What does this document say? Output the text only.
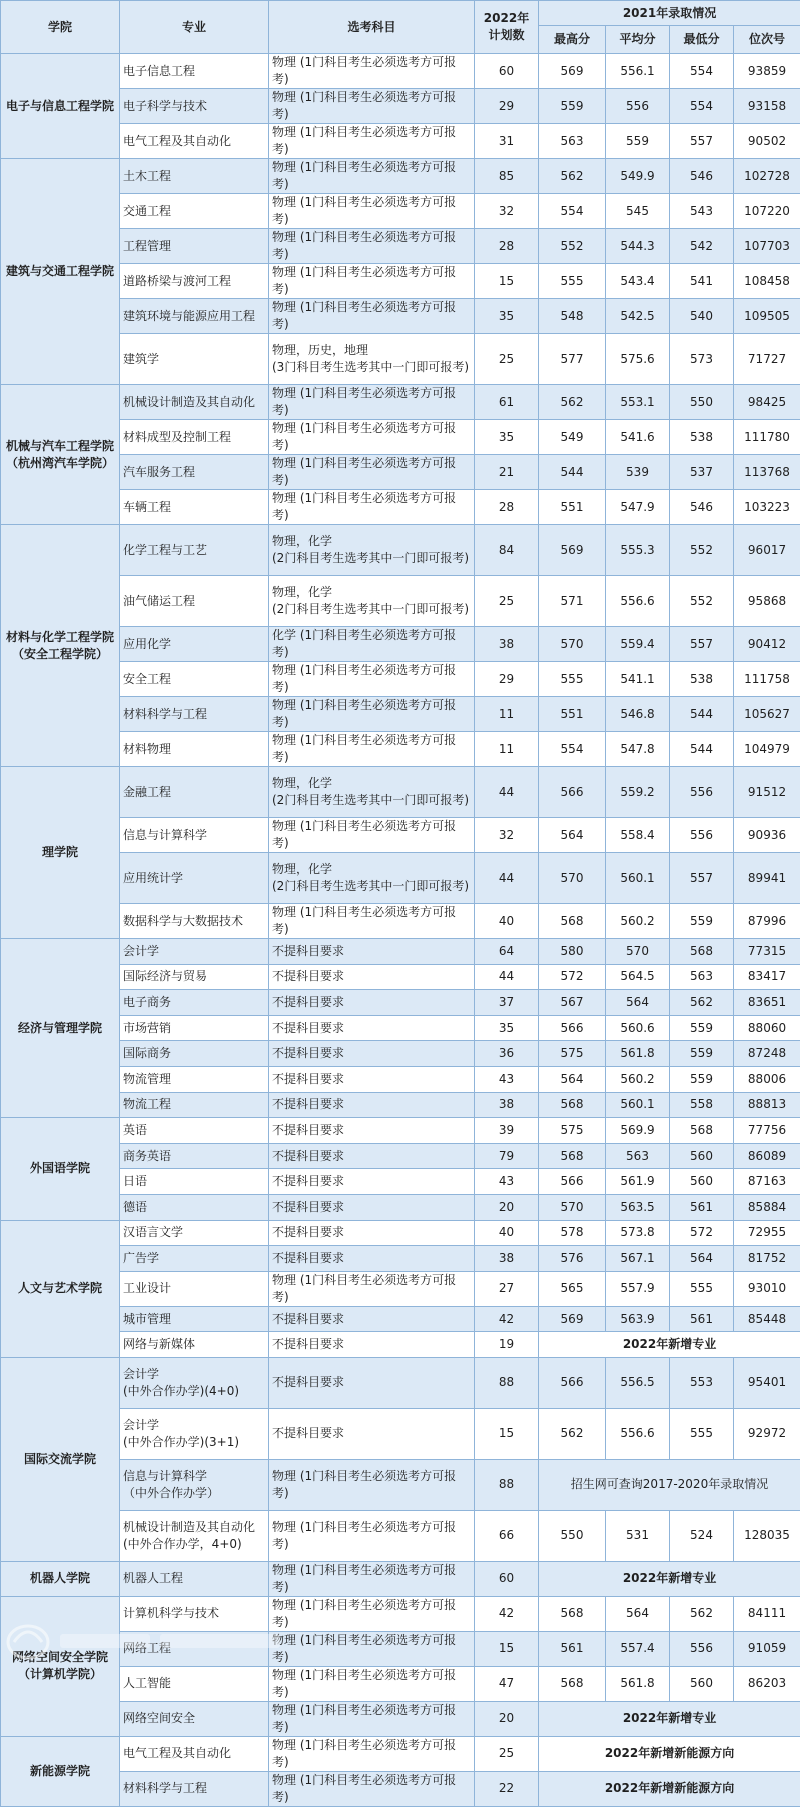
学院	专业	选考科目	2022年
计划数	2021年录取情况			
				最高分	平均分	最低分	位次号
电子与信息工程学院	电子信息工程	物理 (1门科目考生必须选考方可报考)	60	569	556.1	554	93859
	电子科学与技术	物理 (1门科目考生必须选考方可报考)	29	559	556	554	93158
	电气工程及其自动化	物理 (1门科目考生必须选考方可报考)	31	563	559	557	90502
建筑与交通工程学院	土木工程	物理 (1门科目考生必须选考方可报考)	85	562	549.9	546	102728
	交通工程	物理 (1门科目考生必须选考方可报考)	32	554	545	543	107220
	工程管理	物理 (1门科目考生必须选考方可报考)	28	552	544.3	542	107703
	道路桥梁与渡河工程	物理 (1门科目考生必须选考方可报考)	15	555	543.4	541	108458
	建筑环境与能源应用工程	物理 (1门科目考生必须选考方可报考)	35	548	542.5	540	109505
	建筑学	物理，历史，地理
(3门科目考生选考其中一门即可报考)	25	577	575.6	573	71727
机械与汽车工程学院 （杭州湾汽车学院）	机械设计制造及其自动化	物理 (1门科目考生必须选考方可报考)	61	562	553.1	550	98425
	材料成型及控制工程	物理 (1门科目考生必须选考方可报考)	35	549	541.6	538	111780
	汽车服务工程	物理 (1门科目考生必须选考方可报考)	21	544	539	537	113768
	车辆工程	物理 (1门科目考生必须选考方可报考)	28	551	547.9	546	103223
材料与化学工程学院 （安全工程学院）	化学工程与工艺	物理，化学
(2门科目考生选考其中一门即可报考)	84	569	555.3	552	96017
	油气储运工程	物理，化学
(2门科目考生选考其中一门即可报考)	25	571	556.6	552	95868
	应用化学	化学 (1门科目考生必须选考方可报考)	38	570	559.4	557	90412
	安全工程	物理 (1门科目考生必须选考方可报考)	29	555	541.1	538	111758
	材料科学与工程	物理 (1门科目考生必须选考方可报考)	11	551	546.8	544	105627
	材料物理	物理 (1门科目考生必须选考方可报考)	11	554	547.8	544	104979
理学院	金融工程	物理，化学
(2门科目考生选考其中一门即可报考)	44	566	559.2	556	91512
	信息与计算科学	物理 (1门科目考生必须选考方可报考)	32	564	558.4	556	90936
	应用统计学	物理，化学
(2门科目考生选考其中一门即可报考)	44	570	560.1	557	89941
	数据科学与大数据技术	物理 (1门科目考生必须选考方可报考)	40	568	560.2	559	87996
经济与管理学院	会计学	不提科目要求	64	580	570	568	77315
	国际经济与贸易	不提科目要求	44	572	564.5	563	83417
	电子商务	不提科目要求	37	567	564	562	83651
	市场营销	不提科目要求	35	566	560.6	559	88060
	国际商务	不提科目要求	36	575	561.8	559	87248
	物流管理	不提科目要求	43	564	560.2	559	88006
	物流工程	不提科目要求	38	568	560.1	558	88813
外国语学院	英语	不提科目要求	39	575	569.9	568	77756
	商务英语	不提科目要求	79	568	563	560	86089
	日语	不提科目要求	43	566	561.9	560	87163
	德语	不提科目要求	20	570	563.5	561	85884
人文与艺术学院	汉语言文学	不提科目要求	40	578	573.8	572	72955
	广告学	不提科目要求	38	576	567.1	564	81752
	工业设计	物理 (1门科目考生必须选考方可报考)	27	565	557.9	555	93010
	城市管理	不提科目要求	42	569	563.9	561	85448
	网络与新媒体	不提科目要求	19	2022年新增专业			
国际交流学院	会计学
(中外合作办学)(4+0)	不提科目要求	88	566	556.5	553	95401
	会计学
(中外合作办学)(3+1)	不提科目要求	15	562	556.6	555	92972
	信息与计算科学
（中外合作办学）	物理 (1门科目考生必须选考方可报考)	88	招生网可查询2017-2020年录取情况			
	机械设计制造及其自动化
(中外合作办学，4+0)	物理 (1门科目考生必须选考方可报考)	66	550	531	524	128035
机器人学院	机器人工程	物理 (1门科目考生必须选考方可报考)	60	2022年新增专业			
网络空间安全学院 （计算机学院）	计算机科学与技术	物理 (1门科目考生必须选考方可报考)	42	568	564	562	84111
	网络工程	物理 (1门科目考生必须选考方可报考)	15	561	557.4	556	91059
	人工智能	物理 (1门科目考生必须选考方可报考)	47	568	561.8	560	86203
	网络空间安全	物理 (1门科目考生必须选考方可报考)	20	2022年新增专业			
新能源学院	电气工程及其自动化	物理 (1门科目考生必须选考方可报考)	25	2022年新增新能源方向			
	材料科学与工程	物理 (1门科目考生必须选考方可报考)	22	2022年新增新能源方向			
